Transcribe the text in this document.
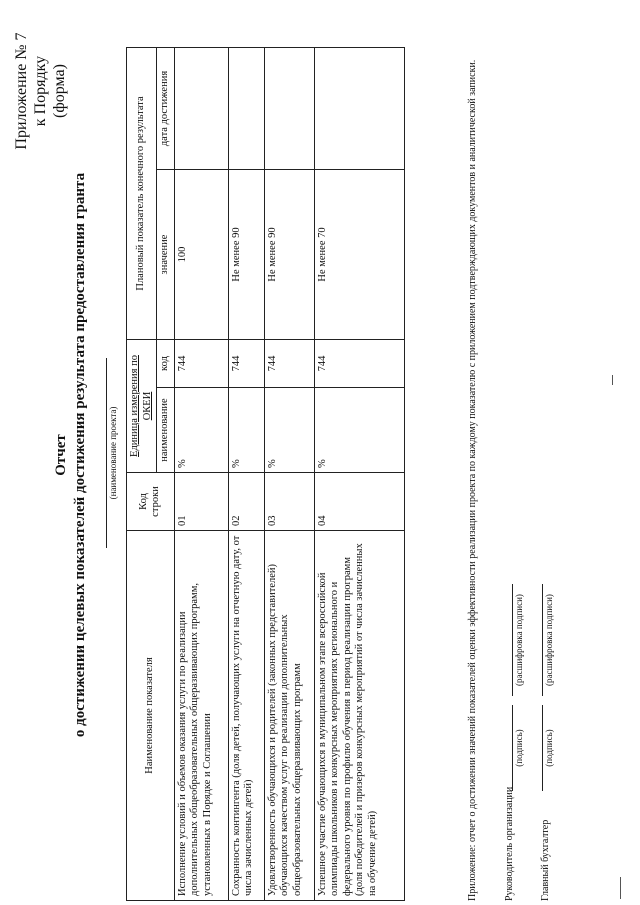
Приложение № 7 к Порядку (форма)
Отчет о достижении целевых показателей достижения результата предоставления гранта (наименование проекта)
Наименование показателя	Код строки	Единица измерения по ОКЕИ		Плановый показатель конечного результата	
		наименование	код	значение	дата достижения
Исполнение условий и объемов оказания услуги по реализации дополнительных общеобразовательных общеразвивающих программ, установленных в Порядке и Соглашении	01	%	744	100	
Сохранность контингента (доля детей, получающих услуги на отчетную дату, от числа зачисленных детей)	02	%	744	Не менее 90	
Удовлетворенность обучающихся и родителей (законных представителей) обучающихся качеством услуг по реализации дополнительных общеобразовательных общеразвивающих программ	03	%	744	Не менее 90	
Успешное участие обучающихся в муниципальном этапе всероссийской олимпиады школьников и конкурсных мероприятиях регионального и федерального уровня по профилю обучения в период реализации программ (доля победителей и призеров конкурсных мероприятий от числа зачисленных на обучение детей)	04	%	744	Не менее 70		Приложение: отчет о достижении значений показателей оценки эффективности реализации проекта по каждому показателю с приложением подтверждающих документов и аналитической записки.	Руководитель организации
(подпись)
(расшифровка подписи)
Главный бухгалтер
(подпись)
(расшифровка подписи)
